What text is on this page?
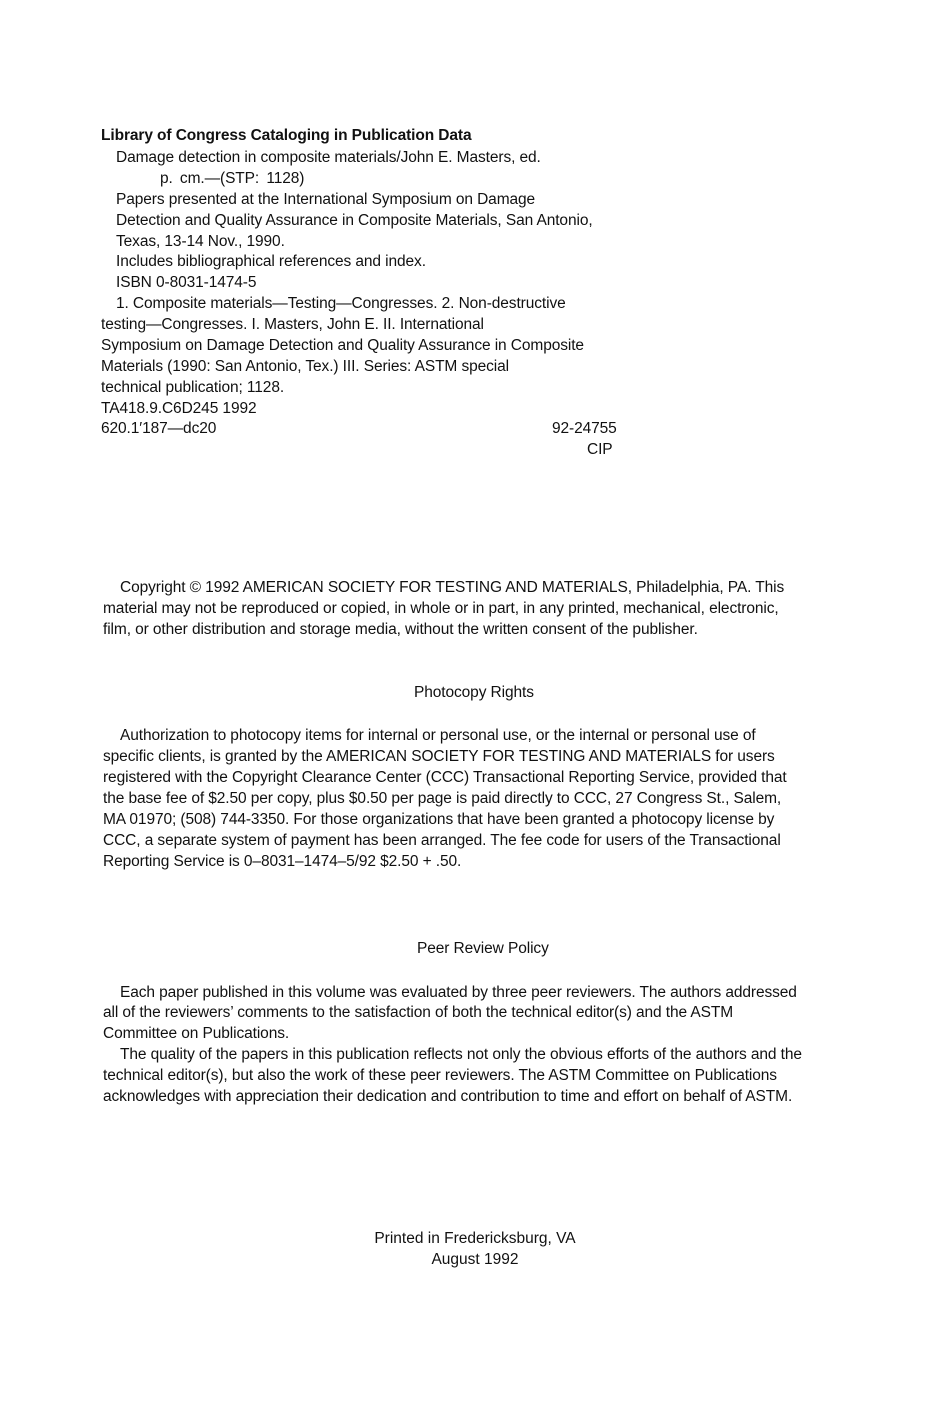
Library of Congress Cataloging in Publication Data
Damage detection in composite materials/John E. Masters, ed.
p. cm.—(STP: 1128)
Papers presented at the International Symposium on Damage
Detection and Quality Assurance in Composite Materials, San Antonio,
Texas, 13-14 Nov., 1990.
Includes bibliographical references and index.
ISBN 0-8031-1474-5
1. Composite materials—Testing—Congresses. 2. Non-destructive
testing—Congresses. I. Masters, John E. II. International
Symposium on Damage Detection and Quality Assurance in Composite
Materials (1990: San Antonio, Tex.) III. Series: ASTM special
technical publication; 1128.
TA418.9.C6D245 1992
620.1′187—dc20	92-24755
CIP
Copyright © 1992 AMERICAN SOCIETY FOR TESTING AND MATERIALS, Philadelphia, PA. This
material may not be reproduced or copied, in whole or in part, in any printed, mechanical, electronic,
film, or other distribution and storage media, without the written consent of the publisher.
Photocopy Rights
Authorization to photocopy items for internal or personal use, or the internal or personal use of
specific clients, is granted by the AMERICAN SOCIETY FOR TESTING AND MATERIALS for users
registered with the Copyright Clearance Center (CCC) Transactional Reporting Service, provided that
the base fee of $2.50 per copy, plus $0.50 per page is paid directly to CCC, 27 Congress St., Salem,
MA 01970; (508) 744-3350. For those organizations that have been granted a photocopy license by
CCC, a separate system of payment has been arranged. The fee code for users of the Transactional
Reporting Service is 0–8031–1474–5/92 $2.50 + .50.
Peer Review Policy
Each paper published in this volume was evaluated by three peer reviewers. The authors addressed
all of the reviewers’ comments to the satisfaction of both the technical editor(s) and the ASTM
Committee on Publications.
The quality of the papers in this publication reflects not only the obvious efforts of the authors and the
technical editor(s), but also the work of these peer reviewers. The ASTM Committee on Publications
acknowledges with appreciation their dedication and contribution to time and effort on behalf of ASTM.
Printed in Fredericksburg, VA
August 1992
